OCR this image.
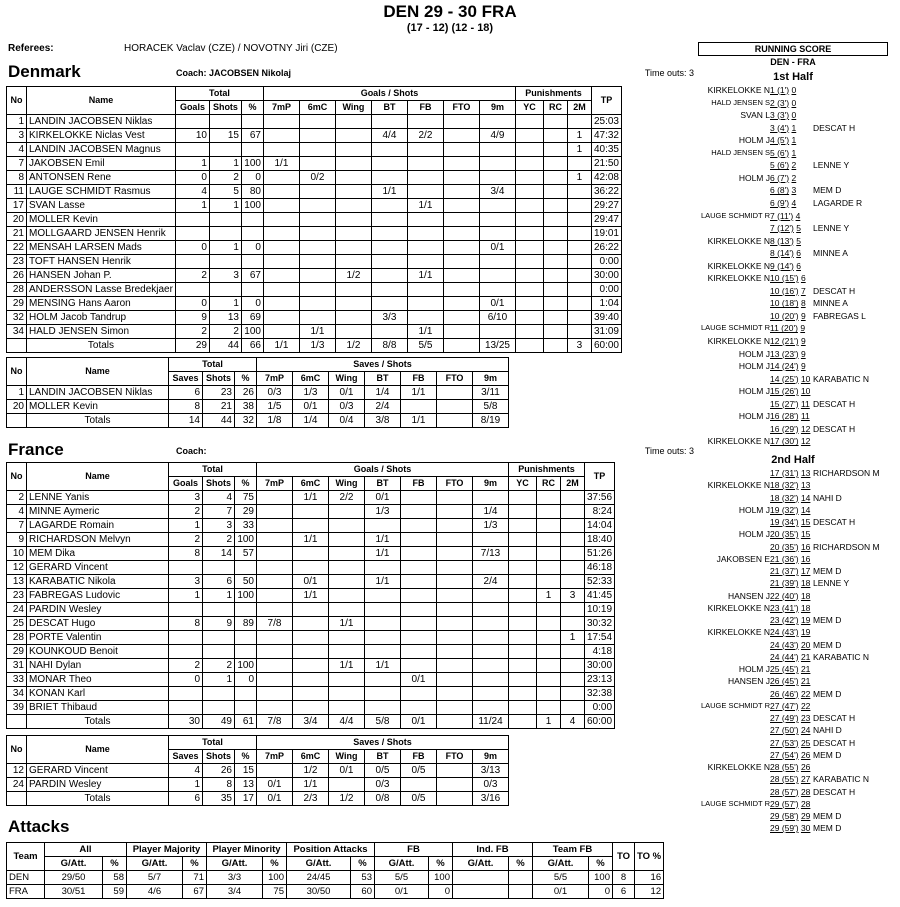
DEN 29 - 30 FRA
(17 - 12) (12 - 18)
Referees:	HORACEK Vaclav (CZE) / NOVOTNY Jiri (CZE)
Denmark	Coach: JACOBSEN Nikolaj	Time outs: 3
No	Name	Total			Goals / Shots							Punishments			TP
		Goals	Shots	%	7mP	6mC	Wing	BT	FB	FTO	9m	YC	RC	2M	
1	LANDIN JACOBSEN Niklas														25:03
3	KIRKELOKKE Niclas Vest	10	15	67				4/4	2/2		4/9			1	47:32
4	LANDIN JACOBSEN Magnus													1	40:35
7	JAKOBSEN Emil	1	1	100	1/1										21:50
8	ANTONSEN Rene	0	2	0		0/2								1	42:08
11	LAUGE SCHMIDT Rasmus	4	5	80				1/1			3/4				36:22
17	SVAN Lasse	1	1	100					1/1						29:27
20	MOLLER Kevin														29:47
21	MOLLGAARD JENSEN Henrik														19:01
22	MENSAH LARSEN Mads	0	1	0							0/1				26:22
23	TOFT HANSEN Henrik														0:00
26	HANSEN Johan P.	2	3	67			1/2		1/1						30:00
28	ANDERSSON Lasse Bredekjaer														0:00
29	MENSING Hans Aaron	0	1	0							0/1				1:04
32	HOLM Jacob Tandrup	9	13	69				3/3			6/10				39:40
34	HALD JENSEN Simon	2	2	100		1/1			1/1						31:09
	Totals	29	44	66	1/1	1/3	1/2	8/8	5/5		13/25			3	60:00
No	Name	Total			Saves / Shots						
		Saves	Shots	%	7mP	6mC	Wing	BT	FB	FTO	9m
1	LANDIN JACOBSEN Niklas	6	23	26	0/3	1/3	0/1	1/4	1/1		3/11
20	MOLLER Kevin	8	21	38	1/5	0/1	0/3	2/4			5/8
	Totals	14	44	32	1/8	1/4	0/4	3/8	1/1		8/19
France	Coach:	Time outs: 3
No	Name	Total			Goals / Shots							Punishments			TP
		Goals	Shots	%	7mP	6mC	Wing	BT	FB	FTO	9m	YC	RC	2M	
2	LENNE Yanis	3	4	75		1/1	2/2	0/1							37:56
4	MINNE Aymeric	2	7	29				1/3			1/4				8:24
7	LAGARDE Romain	1	3	33							1/3				14:04
9	RICHARDSON Melvyn	2	2	100		1/1		1/1							18:40
10	MEM Dika	8	14	57				1/1			7/13				51:26
12	GERARD Vincent														46:18
13	KARABATIC Nikola	3	6	50		0/1		1/1			2/4				52:33
23	FABREGAS Ludovic	1	1	100		1/1							1	3	41:45
24	PARDIN Wesley														10:19
25	DESCAT Hugo	8	9	89	7/8		1/1								30:32
28	PORTE Valentin													1	17:54
29	KOUNKOUD Benoit														4:18
31	NAHI Dylan	2	2	100			1/1	1/1							30:00
33	MONAR Theo	0	1	0					0/1						23:13
34	KONAN Karl														32:38
39	BRIET Thibaud														0:00
	Totals	30	49	61	7/8	3/4	4/4	5/8	0/1		11/24		1	4	60:00
No	Name	Total			Saves / Shots						
		Saves	Shots	%	7mP	6mC	Wing	BT	FB	FTO	9m
12	GERARD Vincent	4	26	15		1/2	0/1	0/5	0/5		3/13
24	PARDIN Wesley	1	8	13	0/1	1/1		0/3			0/3
	Totals	6	35	17	0/1	2/3	1/2	0/8	0/5		3/16
RUNNING SCORE
DEN - FRA
1st Half
KIRKELOKKE N 1 (1') 0
HALD JENSEN S 2 (3') 0
SVAN L 3 (3') 0
3 (4') 1	DESCAT H
HOLM J 4 (5') 1
HALD JENSEN S 5 (6') 1
5 (6') 2	LENNE Y
HOLM J 6 (7') 2
6 (8') 3	MEM D
6 (9') 4	LAGARDE R
LAUGE SCHMIDT R 7 (11') 4
7 (12') 5	LENNE Y
KIRKELOKKE N 8 (13') 5
8 (14') 6	MINNE A
KIRKELOKKE N 9 (14') 6
KIRKELOKKE N 10 (15') 6
10 (16') 7 DESCAT H
10 (18') 8 MINNE A
10 (20') 9 FABREGAS L
LAUGE SCHMIDT R 11 (20') 9
KIRKELOKKE N 12 (21') 9
HOLM J 13 (23') 9
HOLM J 14 (24') 9
14 (25') 10 KARABATIC N
HOLM J 15 (26') 10
15 (27') 11 DESCAT H
HOLM J 16 (28') 11
16 (29') 12 DESCAT H
KIRKELOKKE N 17 (30') 12
2nd Half
17 (31') 13 RICHARDSON M
KIRKELOKKE N 18 (32') 13
18 (32') 14 NAHI D
HOLM J 19 (32') 14
19 (34') 15 DESCAT H
HOLM J 20 (35') 15
20 (35') 16 RICHARDSON M
JAKOBSEN E 21 (36') 16
21 (37') 17 MEM D
21 (39') 18 LENNE Y
HANSEN J 22 (40') 18
KIRKELOKKE N 23 (41') 18
23 (42') 19 MEM D
KIRKELOKKE N 24 (43') 19
24 (43') 20 MEM D
24 (44') 21 KARABATIC N
HOLM J 25 (45') 21
HANSEN J 26 (45') 21
26 (46') 22 MEM D
LAUGE SCHMIDT R 27 (47') 22
27 (49') 23 DESCAT H
27 (50') 24 NAHI D
27 (53') 25 DESCAT H
27 (54') 26 MEM D
KIRKELOKKE N 28 (55') 26
28 (55') 27 KARABATIC N
28 (57') 28 DESCAT H
LAUGE SCHMIDT R 29 (57') 28
29 (58') 29 MEM D
29 (59') 30 MEM D
Attacks
Team	All		Player Majority		Player Minority		Position Attacks		FB		Ind. FB		Team FB		TO	TO %
	G/Att.	%	G/Att.	%	G/Att.	%	G/Att.	%	G/Att.	%	G/Att.	%	G/Att.	%		
DEN	29/50	58	5/7	71	3/3	100	24/45	53	5/5	100			5/5	100	8	16
FRA	30/51	59	4/6	67	3/4	75	30/50	60	0/1	0			0/1	0	6	12
